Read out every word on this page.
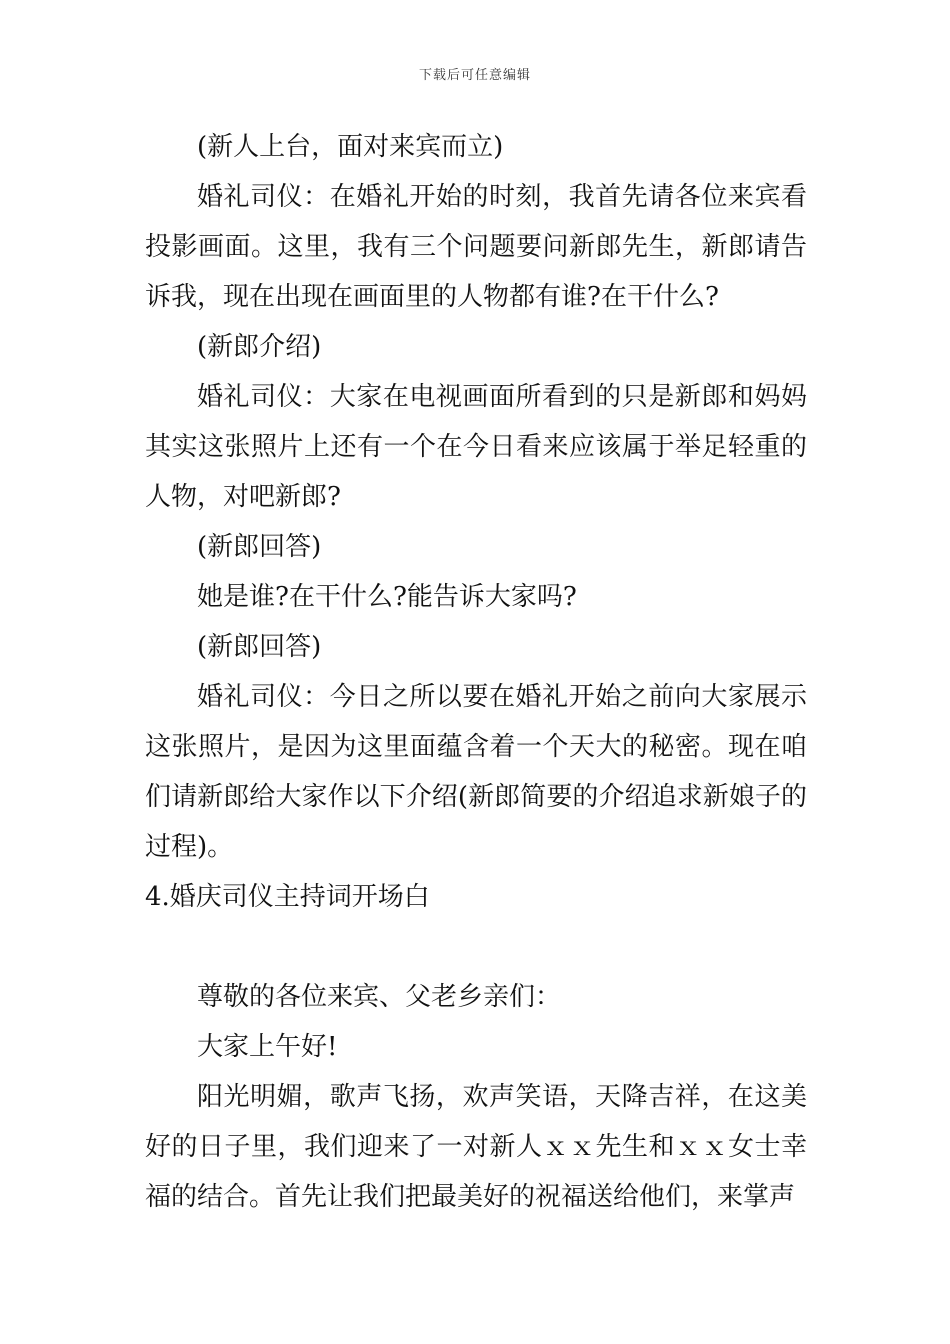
下载后可任意编辑

(新人上台，面对来宾而立)

婚礼司仪：在婚礼开始的时刻，我首先请各位来宾看投影画面。这里，我有三个问题要问新郎先生，新郎请告诉我，现在出现在画面里的人物都有谁?在干什么?

(新郎介绍)

婚礼司仪：大家在电视画面所看到的只是新郎和妈妈其实这张照片上还有一个在今日看来应该属于举足轻重的人物，对吧新郎?

(新郎回答)

她是谁?在干什么?能告诉大家吗?

(新郎回答)

婚礼司仪：今日之所以要在婚礼开始之前向大家展示这张照片，是因为这里面蕴含着一个天大的秘密。现在咱们请新郎给大家作以下介绍(新郎简要的介绍追求新娘子的过程)。

4.婚庆司仪主持词开场白

尊敬的各位来宾、父老乡亲们：

大家上午好!

阳光明媚，歌声飞扬，欢声笑语，天降吉祥，在这美好的日子里，我们迎来了一对新人ｘｘ先生和ｘｘ女士幸福的结合。首先让我们把最美好的祝福送给他们，来掌声
